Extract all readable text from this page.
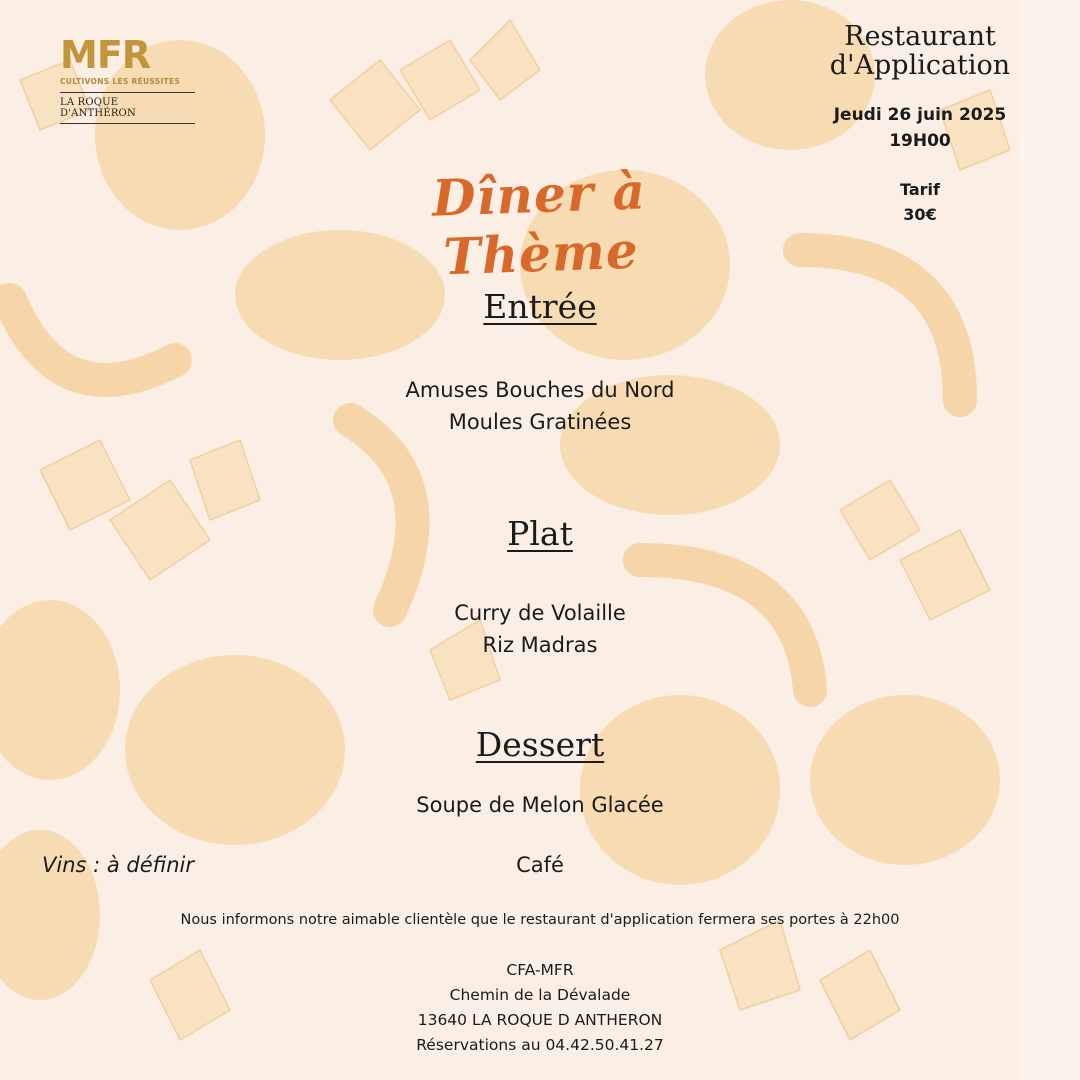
MFR
CULTIVONS LES RÉUSSITES
LA ROQUE D'ANTHÉRON
Restaurant
d'Application
Jeudi 26 juin 2025
19H00
Tarif
30€
Dîner à Thème
Entrée
Amuses Bouches du Nord
Moules Gratinées
Plat
Curry de Volaille
Riz Madras
Dessert
Soupe de Melon Glacée
Vins : à définir	Café
Nous informons notre aimable clientèle que le restaurant d'application fermera ses portes à 22h00
CFA-MFR
Chemin de la Dévalade
13640 LA ROQUE D ANTHERON
Réservations au 04.42.50.41.27
